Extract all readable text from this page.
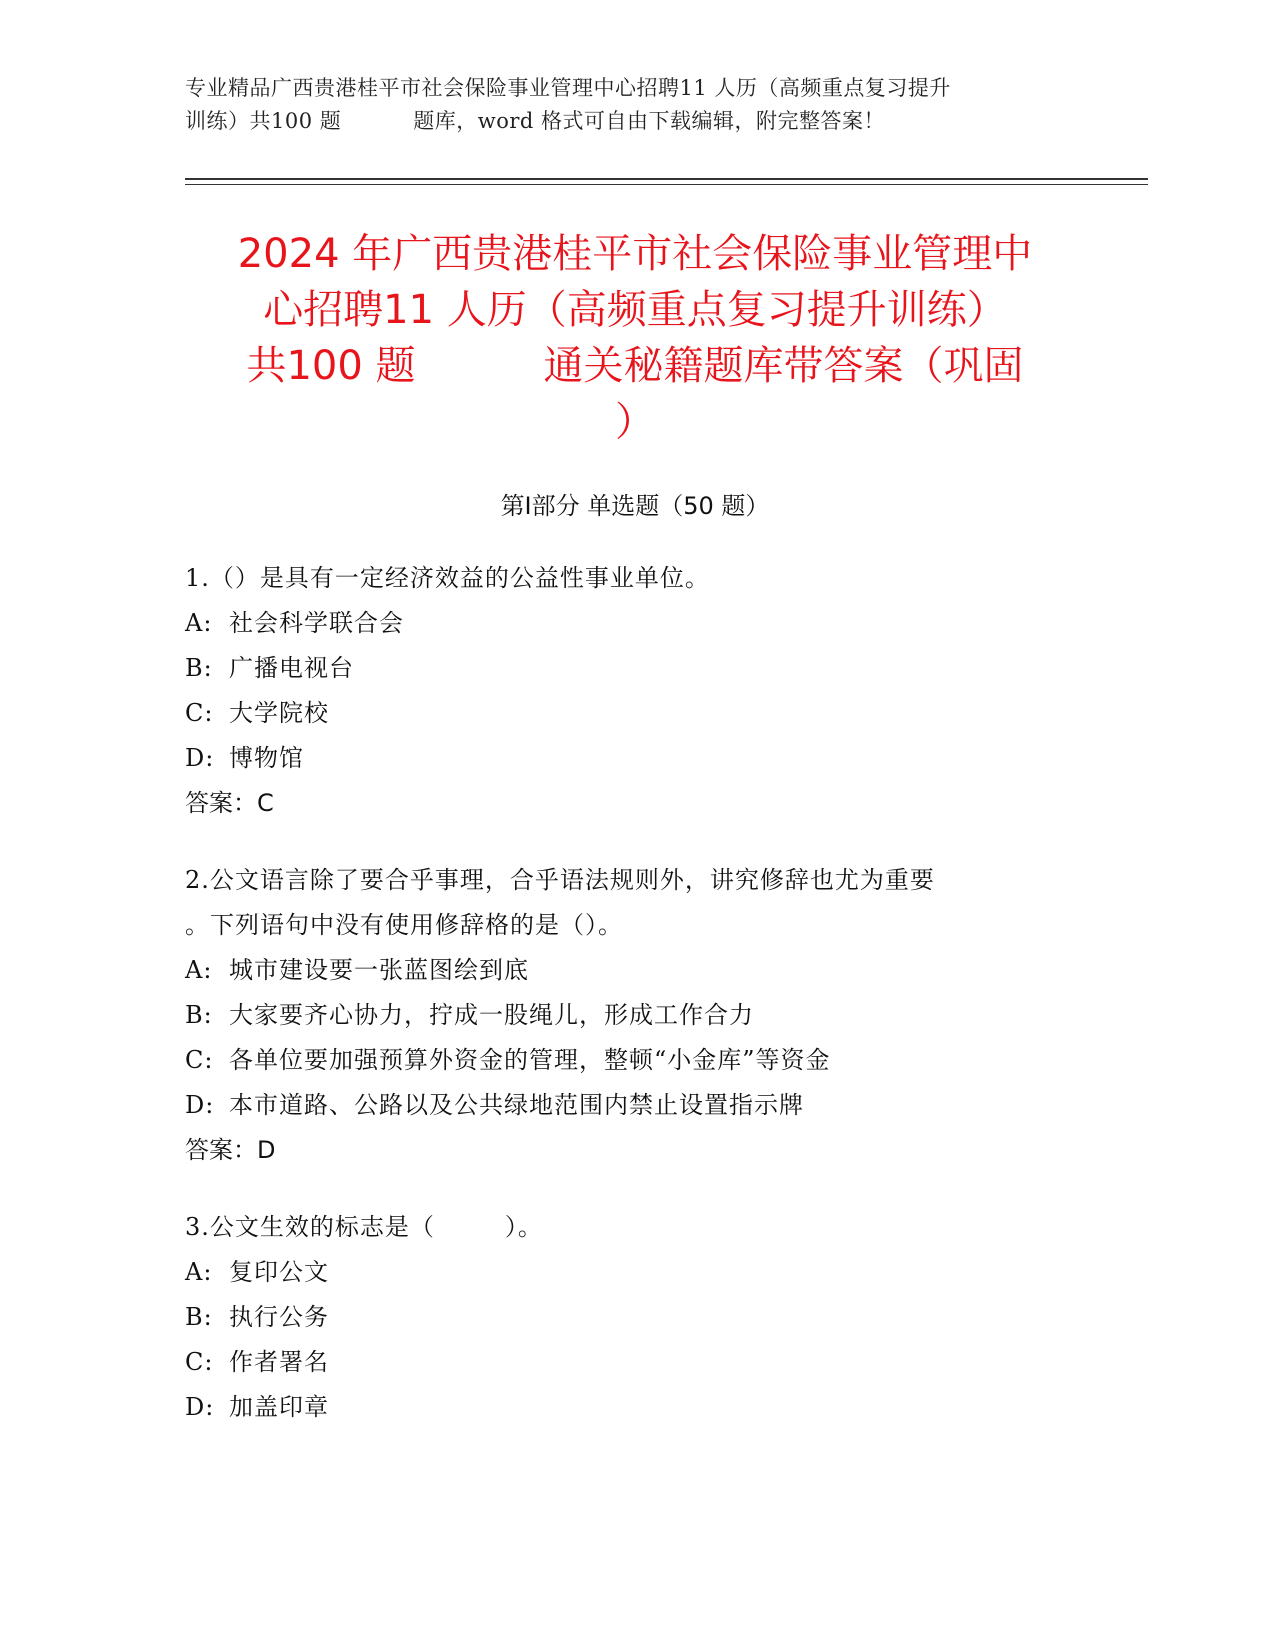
专业精品广西贵港桂平市社会保险事业管理中心招聘11 人历（高频重点复习提升
训练）共100 题	题库，word 格式可自由下载编辑，附完整答案！
2024 年广西贵港桂平市社会保险事业管理中
心招聘11 人历（高频重点复习提升训练）
共100 题	通关秘籍题库带答案（巩固
）
第Ⅰ部分 单选题（50 题）
1.（）是具有一定经济效益的公益性事业单位。
A: 社会科学联合会
B: 广播电视台
C: 大学院校
D: 博物馆
答案：C
2.公文语言除了要合乎事理，合乎语法规则外，讲究修辞也尤为重要
。下列语句中没有使用修辞格的是（）。
A: 城市建设要一张蓝图绘到底
B: 大家要齐心协力，拧成一股绳儿，形成工作合力
C: 各单位要加强预算外资金的管理，整顿“小金库”等资金
D: 本市道路、公路以及公共绿地范围内禁止设置指示牌
答案：D
3.公文生效的标志是（	）。
A: 复印公文
B: 执行公务
C: 作者署名
D: 加盖印章
